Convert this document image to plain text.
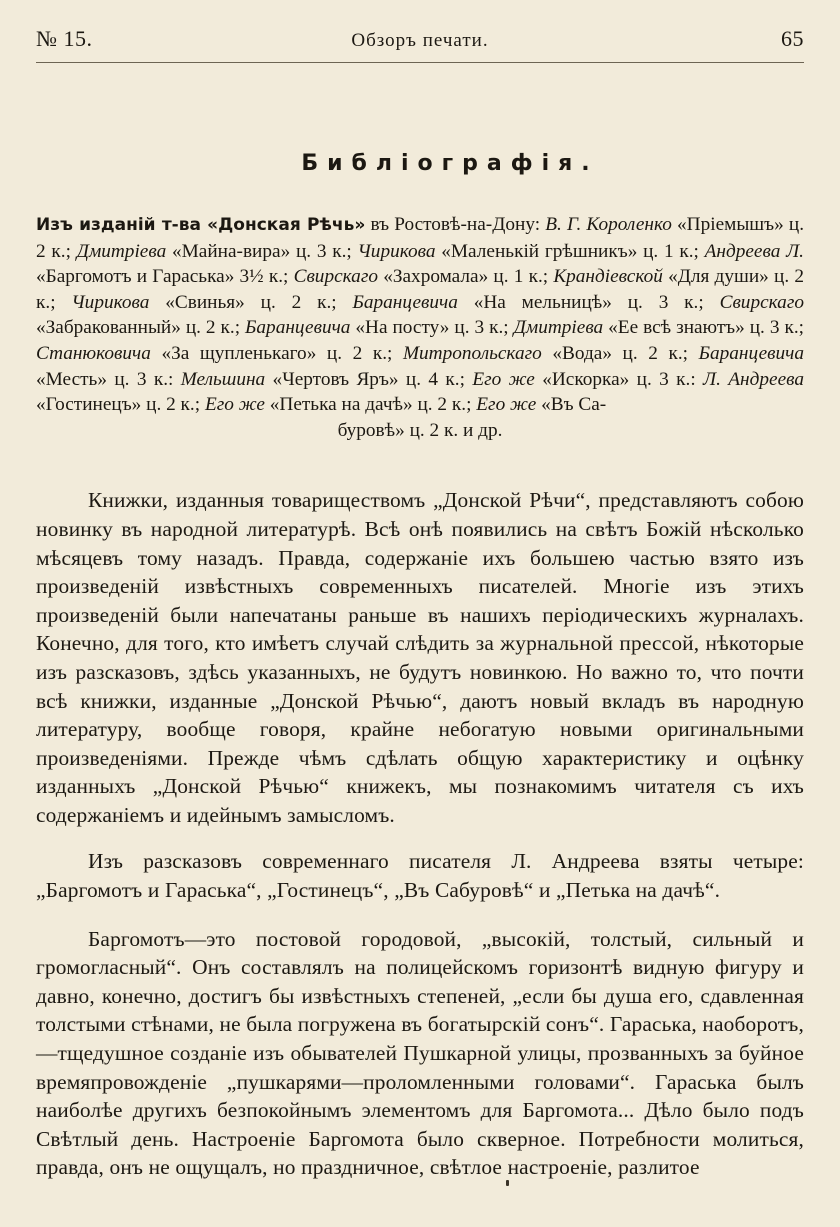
№ 15.	Обзоръ печати.	65
Библіографія.

Изъ изданій т-ва «Донская Рѣчь» въ Ростовѣ-на-Дону: В. Г. Короленко «Пріемышъ» ц. 2 к.; Дмитріева «Майна-вира» ц. 3 к.; Чирикова «Маленькій грѣшникъ» ц. 1 к.; Андреева Л. «Баргомотъ и Гараська» 3½ к.; Свирскаго «Захромала» ц. 1 к.; Крандіевской «Для души» ц. 2 к.; Чирикова «Свинья» ц. 2 к.; Баранцевича «На мельницѣ» ц. 3 к.; Свирскаго «Забракованный» ц. 2 к.; Баранцевича «На посту» ц. 3 к.; Дмитріева «Ее всѣ знаютъ» ц. 3 к.; Станюковича «За щупленькаго» ц. 2 к.; Митропольскаго «Вода» ц. 2 к.; Баранцевича «Месть» ц. 3 к.: Мельшина «Чертовъ Яръ» ц. 4 к.; Его же «Искорка» ц. 3 к.: Л. Андреева «Гостинецъ» ц. 2 к.; Его же «Петька на дачѣ» ц. 2 к.; Его же «Въ Са-
буровѣ» ц. 2 к. и др.

Книжки, изданныя товариществомъ „Донской Рѣчи“, представляютъ собою новинку въ народной литературѣ. Всѣ онѣ появились на свѣтъ Божій нѣсколько мѣсяцевъ тому назадъ. Правда, содержаніе ихъ большею частью взято изъ произведеній извѣстныхъ современныхъ писателей. Многіе изъ этихъ произведеній были напечатаны раньше въ нашихъ періодическихъ журналахъ. Конечно, для того, кто имѣетъ случай слѣдить за журнальной прессой, нѣкоторые изъ разсказовъ, здѣсь указанныхъ, не будутъ новинкою. Но важно то, что почти всѣ книжки, изданные „Донской Рѣчью“, даютъ новый вкладъ въ народную литературу, вообще говоря, крайне небогатую новыми оригинальными произведеніями. Прежде чѣмъ сдѣлать общую характеристику и оцѣнку изданныхъ „Донской Рѣчью“ книжекъ, мы познакомимъ читателя съ ихъ содержаніемъ и идейнымъ замысломъ.

Изъ разсказовъ современнаго писателя Л. Андреева взяты четыре: „Баргомотъ и Гараська“, „Гостинецъ“, „Въ Сабуровѣ“ и „Петька на дачѣ“.

Баргомотъ—это постовой городовой, „высокій, толстый, сильный и громогласный“. Онъ составлялъ на полицейскомъ горизонтѣ видную фигуру и давно, конечно, достигъ бы извѣстныхъ степеней, „если бы душа его, сдавленная толстыми стѣнами, не была погружена въ богатырскій сонъ“. Гараська, наоборотъ,—тщедушное созданіе изъ обывателей Пушкарной улицы, прозванныхъ за буйное времяпровожденіе „пушкарями—проломленными головами“. Гараська былъ наиболѣе другихъ безпокойнымъ элементомъ для Баргомота... Дѣло было подъ Свѣтлый день. Настроеніе Баргомота было скверное. Потребности молиться, правда, онъ не ощущалъ, но праздничное, свѣтлое настроеніе, разлитое
